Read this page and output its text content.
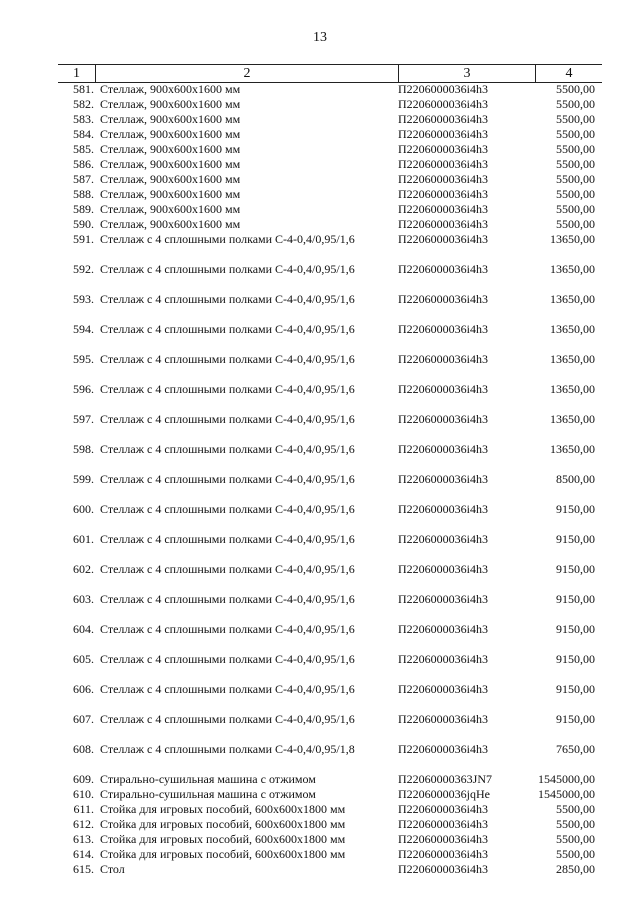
13
1	2	3	4
581. Стеллаж, 900х600х1600 мм	П2206000036i4h3	5500,00
582. Стеллаж, 900х600х1600 мм	П2206000036i4h3	5500,00
583. Стеллаж, 900х600х1600 мм	П2206000036i4h3	5500,00
584. Стеллаж, 900х600х1600 мм	П2206000036i4h3	5500,00
585. Стеллаж, 900х600х1600 мм	П2206000036i4h3	5500,00
586. Стеллаж, 900х600х1600 мм	П2206000036i4h3	5500,00
587. Стеллаж, 900х600х1600 мм	П2206000036i4h3	5500,00
588. Стеллаж, 900х600х1600 мм	П2206000036i4h3	5500,00
589. Стеллаж, 900х600х1600 мм	П2206000036i4h3	5500,00
590. Стеллаж, 900х600х1600 мм	П2206000036i4h3	5500,00
591. Стеллаж с 4 сплошными полками С-4-0,4/0,95/1,6	П2206000036i4h3	13650,00
592. Стеллаж с 4 сплошными полками С-4-0,4/0,95/1,6	П2206000036i4h3	13650,00
593. Стеллаж с 4 сплошными полками С-4-0,4/0,95/1,6	П2206000036i4h3	13650,00
594. Стеллаж с 4 сплошными полками С-4-0,4/0,95/1,6	П2206000036i4h3	13650,00
595. Стеллаж с 4 сплошными полками С-4-0,4/0,95/1,6	П2206000036i4h3	13650,00
596. Стеллаж с 4 сплошными полками С-4-0,4/0,95/1,6	П2206000036i4h3	13650,00
597. Стеллаж с 4 сплошными полками С-4-0,4/0,95/1,6	П2206000036i4h3	13650,00
598. Стеллаж с 4 сплошными полками С-4-0,4/0,95/1,6	П2206000036i4h3	13650,00
599. Стеллаж с 4 сплошными полками С-4-0,4/0,95/1,6	П2206000036i4h3	8500,00
600. Стеллаж с 4 сплошными полками С-4-0,4/0,95/1,6	П2206000036i4h3	9150,00
601. Стеллаж с 4 сплошными полками С-4-0,4/0,95/1,6	П2206000036i4h3	9150,00
602. Стеллаж с 4 сплошными полками С-4-0,4/0,95/1,6	П2206000036i4h3	9150,00
603. Стеллаж с 4 сплошными полками С-4-0,4/0,95/1,6	П2206000036i4h3	9150,00
604. Стеллаж с 4 сплошными полками С-4-0,4/0,95/1,6	П2206000036i4h3	9150,00
605. Стеллаж с 4 сплошными полками С-4-0,4/0,95/1,6	П2206000036i4h3	9150,00
606. Стеллаж с 4 сплошными полками С-4-0,4/0,95/1,6	П2206000036i4h3	9150,00
607. Стеллаж с 4 сплошными полками С-4-0,4/0,95/1,6	П2206000036i4h3	9150,00
608. Стеллаж с 4 сплошными полками С-4-0,4/0,95/1,8	П2206000036i4h3	7650,00
609. Стирально-сушильная машина с отжимом	П22060000363JN7	1545000,00
610. Стирально-сушильная машина с отжимом	П2206000036jqHe	1545000,00
611. Стойка для игровых пособий, 600х600х1800 мм	П2206000036i4h3	5500,00
612. Стойка для игровых пособий, 600х600х1800 мм	П2206000036i4h3	5500,00
613. Стойка для игровых пособий, 600х600х1800 мм	П2206000036i4h3	5500,00
614. Стойка для игровых пособий, 600х600х1800 мм	П2206000036i4h3	5500,00
615. Стол	П2206000036i4h3	2850,00
